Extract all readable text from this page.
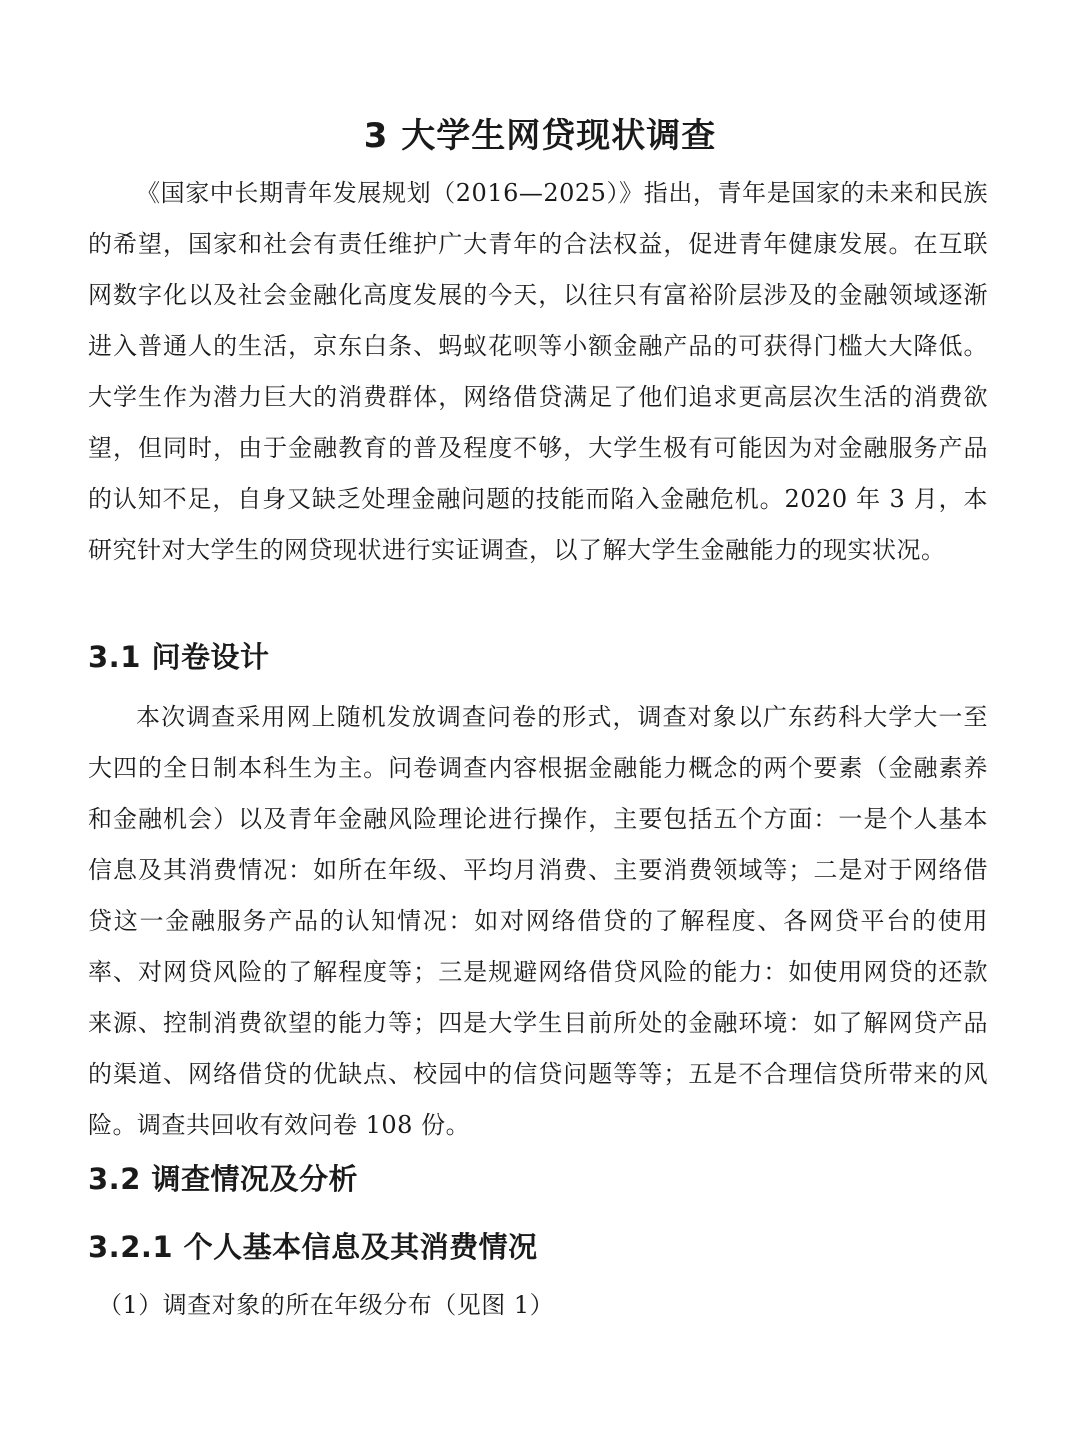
3 大学生网贷现状调查

《国家中长期青年发展规划（2016—2025）》指出，青年是国家的未来和民族的希望，国家和社会有责任维护广大青年的合法权益，促进青年健康发展。在互联网数字化以及社会金融化高度发展的今天，以往只有富裕阶层涉及的金融领域逐渐进入普通人的生活，京东白条、蚂蚁花呗等小额金融产品的可获得门槛大大降低。大学生作为潜力巨大的消费群体，网络借贷满足了他们追求更高层次生活的消费欲望，但同时，由于金融教育的普及程度不够，大学生极有可能因为对金融服务产品的认知不足，自身又缺乏处理金融问题的技能而陷入金融危机。2020 年 3 月，本研究针对大学生的网贷现状进行实证调查，以了解大学生金融能力的现实状况。

3.1 问卷设计

本次调查采用网上随机发放调查问卷的形式，调查对象以广东药科大学大一至大四的全日制本科生为主。问卷调查内容根据金融能力概念的两个要素（金融素养和金融机会）以及青年金融风险理论进行操作，主要包括五个方面：一是个人基本信息及其消费情况：如所在年级、平均月消费、主要消费领域等；二是对于网络借贷这一金融服务产品的认知情况：如对网络借贷的了解程度、各网贷平台的使用率、对网贷风险的了解程度等；三是规避网络借贷风险的能力：如使用网贷的还款来源、控制消费欲望的能力等；四是大学生目前所处的金融环境：如了解网贷产品的渠道、网络借贷的优缺点、校园中的信贷问题等等；五是不合理信贷所带来的风险。调查共回收有效问卷 108 份。

3.2 调查情况及分析
3.2.1 个人基本信息及其消费情况
（1）调查对象的所在年级分布（见图 1）
